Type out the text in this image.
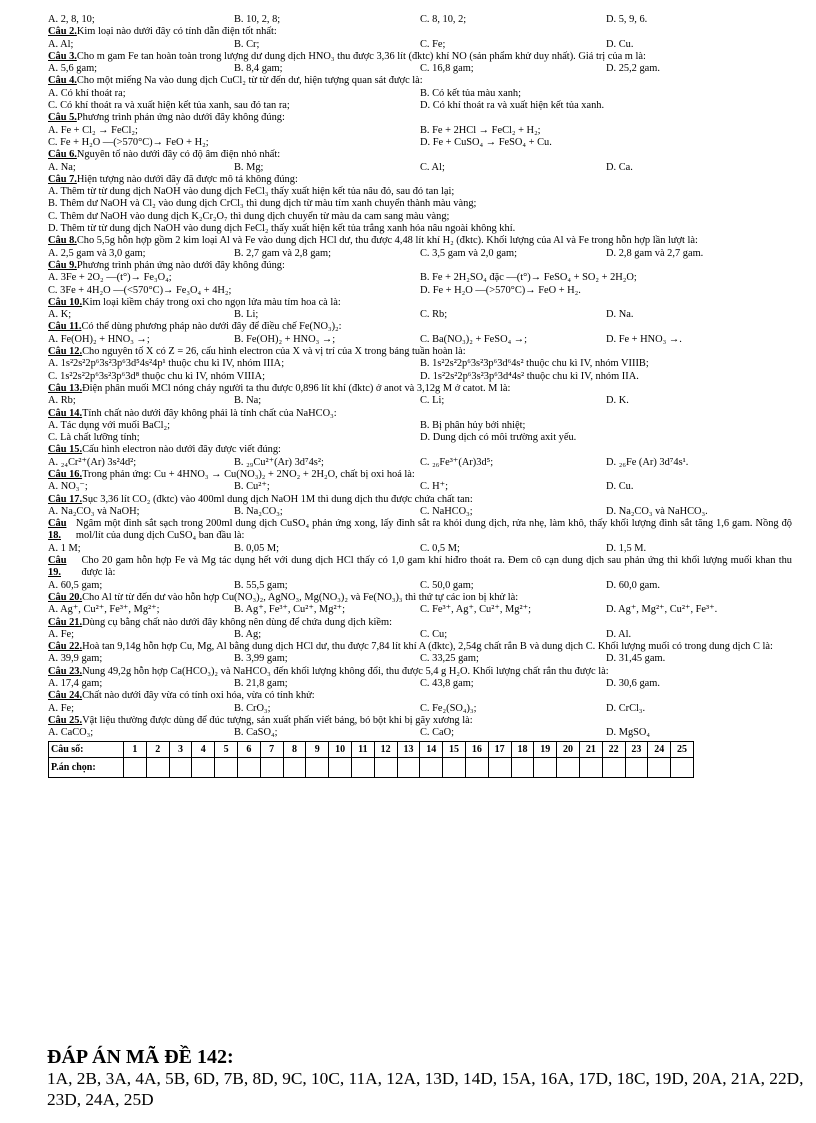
A. 2, 8, 10;	B. 10, 2, 8;	C. 8, 10, 2;	D. 5, 9, 6.
Câu 2. Kim loại nào dưới đây có tính dẫn điện tốt nhất:
A. Al;	B. Cr;	C. Fe;	D. Cu.
Câu 3. Cho m gam Fe tan hoàn toàn trong lượng dư dung dịch HNO₃ thu được 3,36 lít (đktc) khí NO (sản phẩm khử duy nhất). Giá trị của m là:
A. 5,6 gam;	B. 8,4 gam;	C. 16,8 gam;	D. 25,2 gam.
Câu 4. Cho một miếng Na vào dung dịch CuCl₂ từ từ đến dư, hiện tượng quan sát được là:
A. Có khí thoát ra;	B. Có kết tủa màu xanh;
C. Có khí thoát ra và xuất hiện kết tủa xanh, sau đó tan ra;	D. Có khí thoát ra và xuất hiện kết tủa xanh.
Câu 5. Phương trình phản ứng nào dưới đây không đúng:
A. Fe + Cl₂ → FeCl₂;	B. Fe + 2HCl → FeCl₂ + H₂;
C. Fe + H₂O —(>570°C)→ FeO + H₂;	D. Fe + CuSO₄ → FeSO₄ + Cu.
Câu 6. Nguyên tố nào dưới đây có độ âm điện nhỏ nhất:
A. Na;	B. Mg;	C. Al;	D. Ca.
Câu 7. Hiện tượng nào dưới đây đã được mô tả không đúng:
A. Thêm từ từ dung dịch NaOH vào dung dịch FeCl₃ thấy xuất hiện kết tủa nâu đỏ, sau đó tan lại;
B. Thêm dư NaOH và Cl₂ vào dung dịch CrCl₃ thì dung dịch từ màu tím xanh chuyển thành màu vàng;
C. Thêm dư NaOH vào dung dịch K₂Cr₂O₇ thì dung dịch chuyển từ màu da cam sang màu vàng;
D. Thêm từ từ dung dịch NaOH vào dung dịch FeCl₂ thấy xuất hiện kết tủa trắng xanh hóa nâu ngoài không khí.
Câu 8. Cho 5,5g hỗn hợp gồm 2 kim loại Al và Fe vào dung dịch HCl dư, thu được 4,48 lít khí H₂ (đktc). Khối lượng của Al và Fe trong hỗn hợp lần lượt là:
A. 2,5 gam và 3,0 gam;	B. 2,7 gam và 2,8 gam;	C. 3,5 gam và 2,0 gam;	D. 2,8 gam và 2,7 gam.
Câu 9. Phương trình phản ứng nào dưới đây không đúng:
A. 3Fe + 2O₂ —(t°)→ Fe₃O₄;	B. Fe + 2H₂SO₄ đặc —(t°)→ FeSO₄ + SO₂ + 2H₂O;
C. 3Fe + 4H₂O —(<570°C)→ Fe₃O₄ + 4H₂;	D. Fe + H₂O —(>570°C)→ FeO + H₂.
Câu 10. Kim loại kiềm cháy trong oxi cho ngọn lửa màu tím hoa cà là:
A. K;	B. Li;	C. Rb;	D. Na.
Câu 11. Có thể dùng phương pháp nào dưới đây để điều chế Fe(NO₃)₂:
A. Fe(OH)₂ + HNO₃ →;	B. Fe(OH)₂ + HNO₃ →;	C. Ba(NO₃)₂ + FeSO₄ →;	D. Fe + HNO₃ →.
Câu 12. Cho nguyên tố X có Z = 26, cấu hình electron của X và vị trí của X trong bảng tuần hoàn là:
A. 1s²2s²2p⁶3s²3p⁶3d⁵4s²4p¹ thuộc chu kì IV, nhóm IIIA;	B. 1s²2s²2p⁶3s²3p⁶3d⁶4s² thuộc chu kì IV, nhóm VIIIB;
C. 1s²2s²2p⁶3s²3p⁶3d⁸ thuộc chu kì IV, nhóm VIIIA;	D. 1s²2s²2p⁶3s²3p⁶3d⁴4s² thuộc chu kì IV, nhóm IIA.
Câu 13. Điện phân muối MCl nóng chảy người ta thu được 0,896 lít khí (đktc) ở anot và 3,12g M ở catot. M là:
A. Rb;	B. Na;	C. Li;	D. K.
Câu 14. Tính chất nào dưới đây không phải là tính chất của NaHCO₃:
A. Tác dụng với muối BaCl₂;	B. Bị phân hủy bởi nhiệt;
C. Là chất lưỡng tính;	D. Dung dịch có môi trường axit yếu.
Câu 15. Cấu hình electron nào dưới đây được viết đúng:
A. ₂₄Cr²⁺(Ar) 3s²4d²;	B. ₂₉Cu²⁺(Ar) 3d⁷4s²;	C. ₂₆Fe³⁺(Ar)3d⁵;	D. ₂₆Fe (Ar) 3d⁷4s¹.
Câu 16. Trong phản ứng: Cu + 4HNO₃ → Cu(NO₃)₂ + 2NO₂ + 2H₂O, chất bị oxi hoá là:
A. NO₃⁻;	B. Cu²⁺;	C. H⁺;	D. Cu.
Câu 17. Sục 3,36 lít CO₂ (đktc) vào 400ml dung dịch NaOH 1M thì dung dịch thu được chứa chất tan:
A. Na₂CO₃ và NaOH;	B. Na₂CO₃;	C. NaHCO₃;	D. Na₂CO₃ và NaHCO₃.
Câu 18.
Ngâm một đinh sắt sạch trong 200ml dung dịch CuSO₄ phản ứng xong, lấy đinh sắt ra khỏi dung dịch, rửa nhẹ, làm khô, thấy khối lượng đinh sắt tăng 1,6 gam. Nồng độ mol/lít của dung dịch CuSO₄ ban đầu là:
A. 1 M;	B. 0,05 M;	C. 0,5 M;	D. 1,5 M.
Câu 19.
Cho 20 gam hỗn hợp Fe và Mg tác dụng hết với dung dịch HCl thấy có 1,0 gam khí hiđro thoát ra. Đem cô cạn dung dịch sau phản ứng thì khối lượng muối khan thu được là:
A. 60,5 gam;	B. 55,5 gam;	C. 50,0 gam;	D. 60,0 gam.
Câu 20. Cho Al từ từ đến dư vào hỗn hợp Cu(NO₃)₂, AgNO₃, Mg(NO₃)₂ và Fe(NO₃)₃ thì thứ tự các ion bị khử là:
A. Ag⁺, Cu²⁺, Fe³⁺, Mg²⁺;	B. Ag⁺, Fe³⁺, Cu²⁺, Mg²⁺;	C. Fe³⁺, Ag⁺, Cu²⁺, Mg²⁺;	D. Ag⁺, Mg²⁺, Cu²⁺, Fe³⁺.
Câu 21. Dùng cụ bằng chất nào dưới đây không nên dùng để chứa dung dịch kiềm:
A. Fe;	B. Ag;	C. Cu;	D. Al.
Câu 22. Hoà tan 9,14g hỗn hợp Cu, Mg, Al bằng dung dịch HCl dư, thu được 7,84 lít khí A (đktc), 2,54g chất rắn B và dung dịch C. Khối lượng muối có trong dung dịch C là:
A. 39,9 gam;	B. 3,99 gam;	C. 33,25 gam;	D. 31,45 gam.
Câu 23. Nung 49,2g hỗn hợp Ca(HCO₃)₂ và NaHCO₃ đến khối lượng không đổi, thu được 5,4 g H₂O. Khối lượng chất rắn thu được là:
A. 17,4 gam;	B. 21,8 gam;	C. 43,8 gam;	D. 30,6 gam.
Câu 24. Chất nào dưới đây vừa có tính oxi hóa, vừa có tính khử:
A. Fe;	B. CrO₃;	C. Fe₂(SO₄)₃;	D. CrCl₃.
Câu 25. Vật liệu thường được dùng để đúc tượng, sản xuất phấn viết bảng, bó bột khi bị gãy xương là:
A. CaCO₃;	B. CaSO₄;	C. CaO;	D. MgSO₄
Câu số:	1	2	3	4	5	6	7	8	9	10	11	12	13	14	15	16	17	18	19	20	21	22	23	24	25
P.án chọn:																									
ĐÁP ÁN MÃ ĐỀ 142:
1A, 2B, 3A, 4A, 5B, 6D, 7B, 8D, 9C, 10C, 11A, 12A, 13D, 14D, 15A, 16A, 17D, 18C, 19D, 20A, 21A, 22D, 23D, 24A, 25D
